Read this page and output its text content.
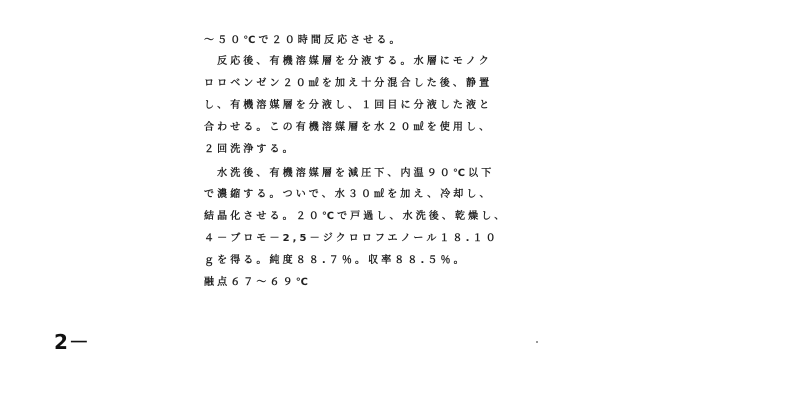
～５０℃で２０時間反応させる。
　反応後、有機溶媒層を分液する。水層にモノク
ロロベンゼン２０㎖を加え十分混合した後、静置
し、有機溶媒層を分液し、１回目に分液した液と
合わせる。この有機溶媒層を水２０㎖を使用し、
２回洗浄する。
　水洗後、有機溶媒層を減圧下、内温９０℃以下
で濃縮する。ついで、水３０㎖を加え、冷却し、
結晶化させる。２０℃で戸過し、水洗後、乾燥し、
４－ブロモ－2,5－ジクロロフエノール１８.１０
ｇを得る。純度８８.７％。収率８８.５％。
融点６７～６９℃
2－
